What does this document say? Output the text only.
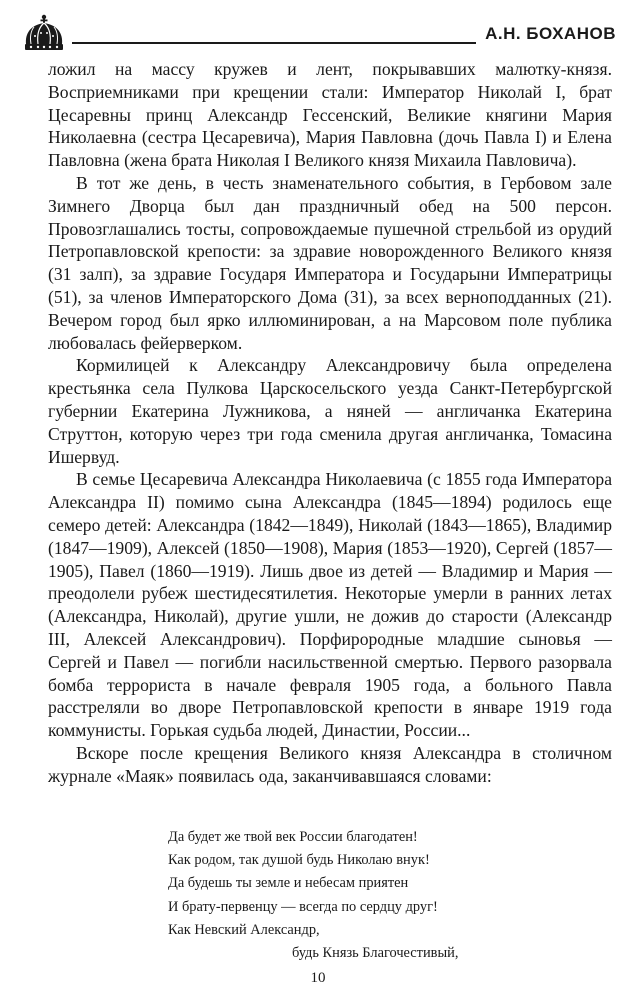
А.Н. БОХАНОВ

ложил на массу кружев и лент, покрывавших малютку-князя. Восприемниками при крещении стали: Император Николай I, брат Цесаревны принц Александр Гессенский, Великие княгини Мария Николаевна (сестра Цесаревича), Мария Павловна (дочь Павла I) и Елена Павловна (жена брата Николая I Великого князя Михаила Павловича).

В тот же день, в честь знаменательного события, в Гербовом зале Зимнего Дворца был дан праздничный обед на 500 персон. Провозглашались тосты, сопровождаемые пушечной стрельбой из орудий Петропавловской крепости: за здравие новорожденного Великого князя (31 залп), за здравие Государя Императора и Государыни Императрицы (51), за членов Императорского Дома (31), за всех верноподданных (21). Вечером город был ярко иллюминирован, а на Марсовом поле публика любовалась фейерверком.

Кормилицей к Александру Александровичу была определена крестьянка села Пулкова Царскосельского уезда Санкт-Петербургской губернии Екатерина Лужникова, а няней — англичанка Екатерина Струттон, которую через три года сменила другая англичанка, Томасина Ишервуд.

В семье Цесаревича Александра Николаевича (с 1855 года Императора Александра II) помимо сына Александра (1845—1894) родилось еще семеро детей: Александра (1842—1849), Николай (1843—1865), Владимир (1847—1909), Алексей (1850—1908), Мария (1853—1920), Сергей (1857—1905), Павел (1860—1919). Лишь двое из детей — Владимир и Мария — преодолели рубеж шестидесятилетия. Некоторые умерли в ранних летах (Александра, Николай), другие ушли, не дожив до старости (Александр III, Алексей Александрович). Порфирородные младшие сыновья — Сергей и Павел — погибли насильственной смертью. Первого разорвала бомба террориста в начале февраля 1905 года, а больного Павла расстреляли во дворе Петропавловской крепости в январе 1919 года коммунисты. Горькая судьба людей, Династии, России...

Вскоре после крещения Великого князя Александра в столичном журнале «Маяк» появилась ода, заканчивавшаяся словами:

Да будет же твой век России благодатен!

Как родом, так душой будь Николаю внук!

Да будешь ты земле и небесам приятен

И брату-первенцу — всегда по сердцу друг!

Как Невский Александр,

будь Князь Благочестивый,

10
